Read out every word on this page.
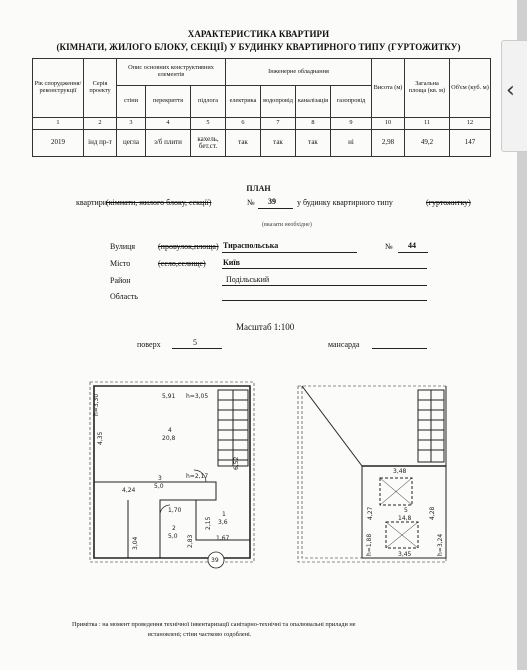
‹
ХАРАКТЕРИСТИКА КВАРТИРИ
(КІМНАТИ, ЖИЛОГО БЛОКУ, СЕКЦІЇ) У БУДИНКУ КВАРТИРНОГО ТИПУ (ГУРТОЖИТКУ)
Рік спорудження/реконструкції	Серія проекту	Опис основних конструктивних елементів			Інженерне обладнання				Висота (м)	Загальна площа (кв. м)	Об'єм (куб. м)
		стіни	перекриття	підлога	електрика	водопровід	каналізація	газопровід			
1	2	3	4	5	6	7	8	9	10	11	12
2019	інд пр-т	цегла	з/б плити	кахель, бет.ст.	так	так	так	ні	2,98	49,2	147
ПЛАН
квартири
(кімнати, жилого блоку, секції)	№ 39	у будинку квартирного типу	(гуртожитку)
(вказати необхідне)
Вулиця	(провулок,площа) Тираспольська	№ 44
Місто	(село,селище) Київ
Район	Подільський
Область
Масштаб 1:100
поверх	5	мансарда
h=3,05
5,91
4
20,8
4,35
h=3,30
6,52
4,24
h=2,17
3
5,0
1,70
2
5,0
1
3,6
3,04	2,83
2,15
1,67
39
3,48
5
14,8
4,27	4,28
3,45
h=1,88	h=3,24
Примітка : на момент проведення технічної інвентаризації санітарно-технічні та опалювальні прилади не
встановлені; стіни частково оздоблені.
